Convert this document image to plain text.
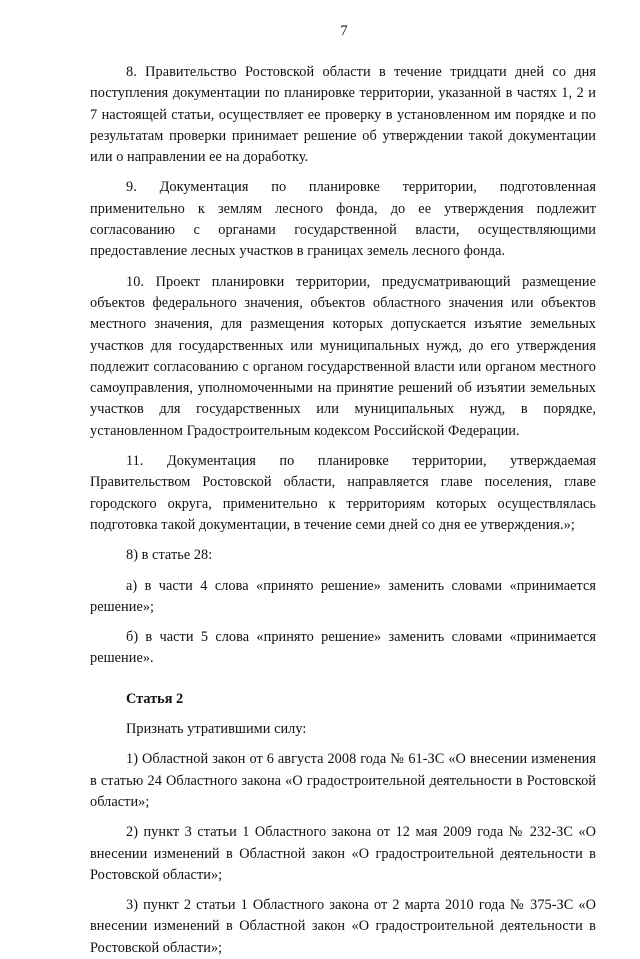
7

8. Правительство Ростовской области в течение тридцати дней со дня поступления документации по планировке территории, указанной в частях 1, 2 и 7 настоящей статьи, осуществляет ее проверку в установленном им порядке и по результатам проверки принимает решение об утверждении такой документации или о направлении ее на доработку.

9. Документация по планировке территории, подготовленная применительно к землям лесного фонда, до ее утверждения подлежит согласованию с органами государственной власти, осуществляющими предоставление лесных участков в границах земель лесного фонда.

10. Проект планировки территории, предусматривающий размещение объектов федерального значения, объектов областного значения или объектов местного значения, для размещения которых допускается изъятие земельных участков для государственных или муниципальных нужд, до его утверждения подлежит согласованию с органом государственной власти или органом местного самоуправления, уполномоченными на принятие решений об изъятии земельных участков для государственных или муниципальных нужд, в порядке, установленном Градостроительным кодексом Российской Федерации.

11. Документация по планировке территории, утверждаемая Правительством Ростовской области, направляется главе поселения, главе городского округа, применительно к территориям которых осуществлялась подготовка такой документации, в течение семи дней со дня ее утверждения.»;

8) в статье 28:

а) в части 4 слова «принято решение» заменить словами «принимается решение»;

б) в части 5 слова «принято решение» заменить словами «принимается решение».

Статья 2

Признать утратившими силу:

1) Областной закон от 6 августа 2008 года № 61-ЗС «О внесении изменения в статью 24 Областного закона «О градостроительной деятельности в Ростовской области»;

2) пункт 3 статьи 1 Областного закона от 12 мая 2009 года № 232-ЗС «О внесении изменений в Областной закон «О градостроительной деятельности в Ростовской области»;

3) пункт 2 статьи 1 Областного закона от 2 марта 2010 года № 375-ЗС «О внесении изменений в Областной закон «О градостроительной деятельности в Ростовской области»;
